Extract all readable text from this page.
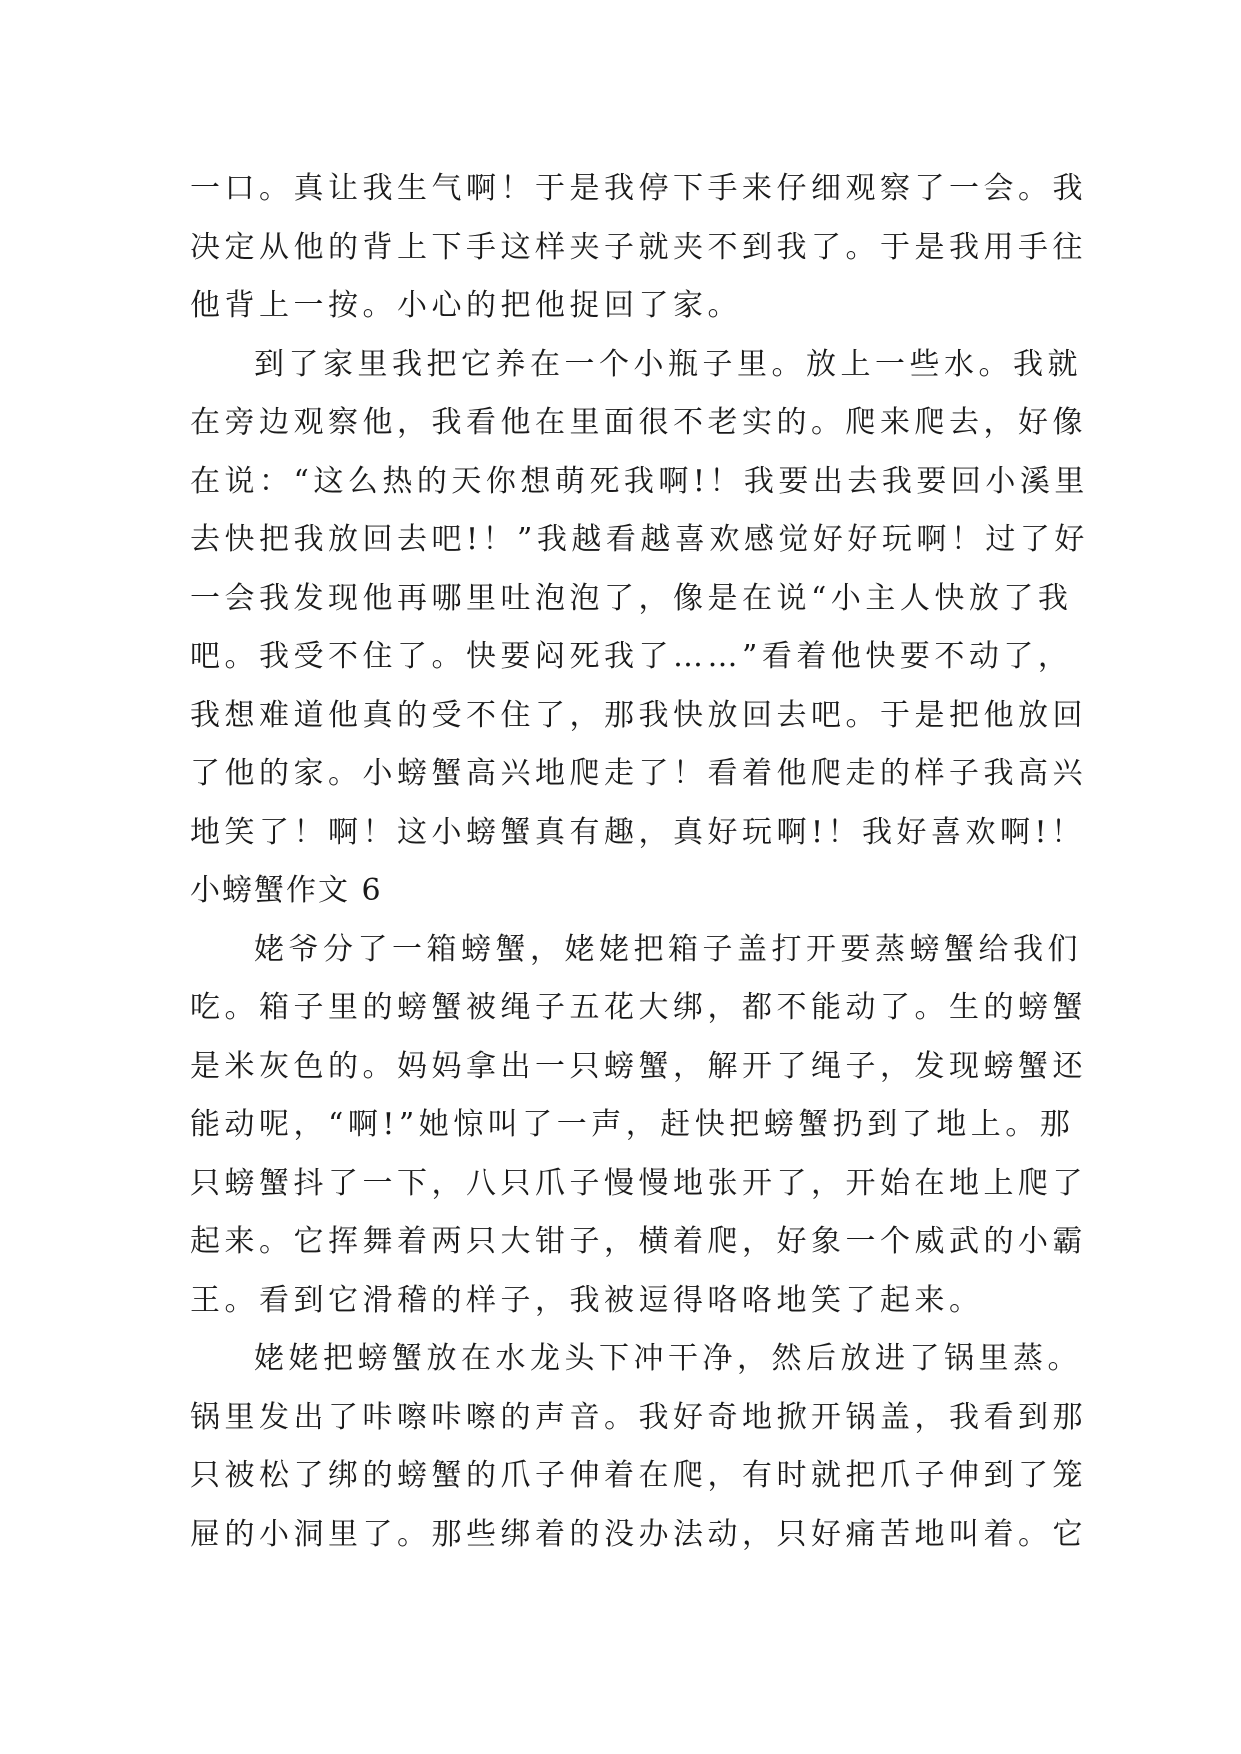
一口。真让我生气啊！于是我停下手来仔细观察了一会。我
决定从他的背上下手这样夹子就夹不到我了。于是我用手往
他背上一按。小心的把他捉回了家。
到了家里我把它养在一个小瓶子里。放上一些水。我就
在旁边观察他，我看他在里面很不老实的。爬来爬去，好像
在说：“这么热的天你想萌死我啊!！我要出去我要回小溪里
去快把我放回去吧!！”我越看越喜欢感觉好好玩啊！过了好
一会我发现他再哪里吐泡泡了，像是在说“小主人快放了我
吧。我受不住了。快要闷死我了……”看着他快要不动了，
我想难道他真的受不住了，那我快放回去吧。于是把他放回
了他的家。小螃蟹高兴地爬走了！看着他爬走的样子我高兴
地笑了！啊！这小螃蟹真有趣，真好玩啊!！我好喜欢啊!！
小螃蟹作文 6
姥爷分了一箱螃蟹，姥姥把箱子盖打开要蒸螃蟹给我们
吃。箱子里的螃蟹被绳子五花大绑，都不能动了。生的螃蟹
是米灰色的。妈妈拿出一只螃蟹，解开了绳子，发现螃蟹还
能动呢，“啊!”她惊叫了一声，赶快把螃蟹扔到了地上。那
只螃蟹抖了一下，八只爪子慢慢地张开了，开始在地上爬了
起来。它挥舞着两只大钳子，横着爬，好象一个威武的小霸
王。看到它滑稽的样子，我被逗得咯咯地笑了起来。
姥姥把螃蟹放在水龙头下冲干净，然后放进了锅里蒸。
锅里发出了咔嚓咔嚓的声音。我好奇地掀开锅盖，我看到那
只被松了绑的螃蟹的爪子伸着在爬，有时就把爪子伸到了笼
屉的小洞里了。那些绑着的没办法动，只好痛苦地叫着。它
